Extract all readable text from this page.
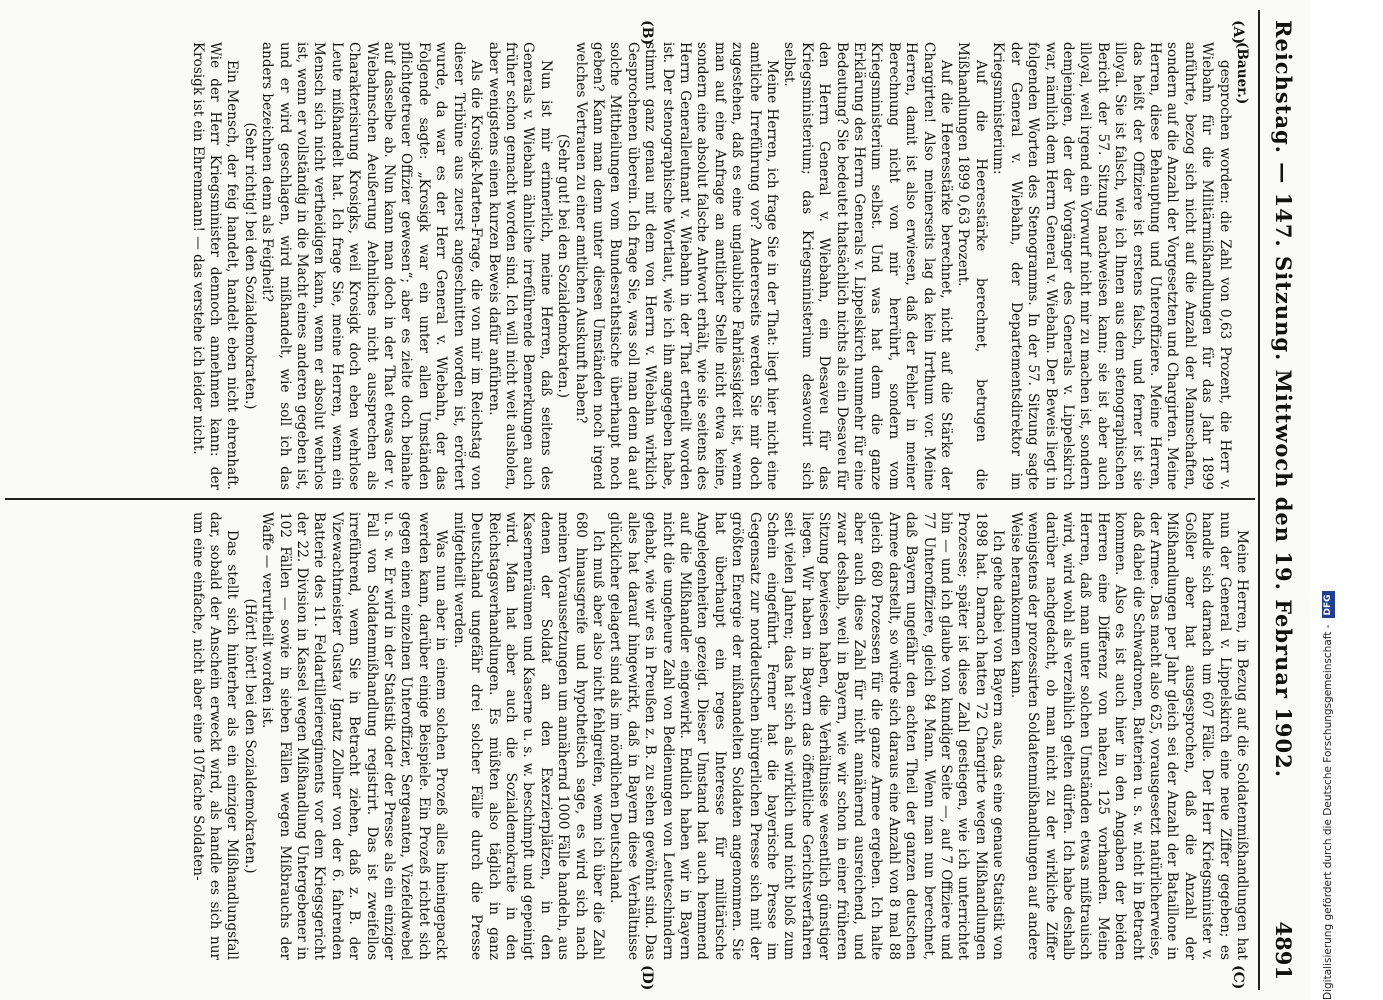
Reichstag. — 147. Sitzung. Mittwoch den 19. Februar 1902.
4891
(A)
(B)
(C)
(D)

(Bauer.)

gesprochen worden: die Zahl von 0,63 Prozent, die Herr v. Wiebahn für die Militärmißhandlungen für das Jahr 1899 anführte, bezog sich nicht auf die Anzahl der Mannschaften, sondern auf die Anzahl der Vorgesetzten und Chargirten. Meine Herren, diese Behauptung und Unteroffiziere. Meine Herren, das heißt der Offiziere ist erstens falsch, und ferner ist sie illoyal. Sie ist falsch, wie ich Ihnen aus dem stenographischen Bericht der 57. Sitzung nachweisen kann; sie ist aber auch illoyal, weil irgend ein Vorwurf nicht mir zu machen ist, sondern demjenigen, der der Vorgänger des Generals v. Lippelskirch war, nämlich dem Herrn General v. Wiebahn. Der Beweis liegt in folgenden Worten des Stenogramms. In der 57. Sitzung sagte der General v. Wiebahn, der Departementsdirektor im Kriegsministerium:

Auf die Heeresstärke berechnet, betrugen die Mißhandlungen 1899 0,63 Prozent.

Auf die Heeresstärke berechnet, nicht auf die Stärke der Chargirten! Also meinerseits lag da kein Irrthum vor. Meine Herren, damit ist also erwiesen, daß der Fehler in meiner Berechnung nicht von mir herrührt, sondern vom Kriegsministerium selbst. Und was hat denn die ganze Erklärung des Herrn Generals v. Lippelskirch nunmehr für eine Bedeutung? Sie bedeutet thatsächlich nichts als ein Desaveu für den Herrn General v. Wiebahn, ein Desaveu für das Kriegsministerium; das Kriegsministerium desavouirt sich selbst.

Meine Herren, ich frage Sie in der That: liegt hier nicht eine amtliche Irreführung vor? Andererseits werden Sie mir doch zugestehen, daß es eine unglaubliche Fahrlässigkeit ist, wenn man auf eine Anfrage an amtlicher Stelle nicht etwa keine, sondern eine absolut falsche Antwort erhält, wie sie seitens des Herrn Generalleutnant v. Wiebahn in der That ertheilt worden ist. Der stenographische Wortlaut, wie ich ihn angegeben habe, stimmt ganz genau mit dem von Herrn v. Wiebahn wirklich Gesprochenen überein. Ich frage Sie, was soll man denn da auf solche Mittheilungen vom Bundesrathstische überhaupt noch geben? Kann man denn unter diesen Umständen noch irgend welches Vertrauen zu einer amtlichen Auskunft haben?

(Sehr gut! bei den Sozialdemokraten.)

Nun ist mir erinnerlich, meine Herren, daß seitens des Generals v. Wiebahn ähnliche irreführende Bemerkungen auch früher schon gemacht worden sind. Ich will nicht weit ausholen, aber wenigstens einen kurzen Beweis dafür anführen.

Als die Krosigk-Marten-Frage, die von mir im Reichstag von dieser Tribüne aus zuerst angeschnitten worden ist, erörtert wurde, da war es der Herr General v. Wiebahn, der das Folgende sagte: „Krosigk war ein unter allen Umständen pflichtgetreuer Offizier gewesen“; aber es zielte doch beinahe auf dasselbe ab. Nun kann man doch in der That etwas der v. Wiebahnschen Aeußerung Aehnliches nicht aussprechen als Charakterisirung Krosigks, weil Krosigk doch eben wehrlose Leute mißhandelt hat. Ich frage Sie, meine Herren, wenn ein Mensch sich nicht vertheidigen kann, wenn er absolut wehrlos ist, wenn er vollständig in die Macht eines anderen gegeben ist, und er wird geschlagen, wird mißhandelt, wie soll ich das anders bezeichnen denn als Feigheit?

(Sehr richtig! bei den Sozialdemokraten.)

Ein Mensch, der feig handelt, handelt eben nicht ehrenhaft. Wie der Herr Kriegsminister dennoch annehmen kann: der Krosigk ist ein Ehrenmann! — das verstehe ich leider nicht.

Meine Herren, in Bezug auf die Soldatenmißhandlungen hat nun der General v. Lippelskirch eine neue Ziffer gegeben; es handle sich darnach um 607 Fälle. Der Herr Kriegsminister v. Goßler aber hat ausgesprochen, daß die Anzahl der Mißhandlungen per Jahr gleich sei der Anzahl der Bataillone in der Armee. Das macht also 625, vorausgesetzt natürlicherweise, daß dabei die Schwadronen, Batterien u. s. w. nicht in Betracht kommen. Also es ist auch hier in den Angaben der beiden Herren eine Differenz von nahezu 125 vorhanden. Meine Herren, daß man unter solchen Umständen etwas mißtrauisch wird, wird wohl als verzeihlich gelten dürfen. Ich habe deshalb darüber nachgedacht, ob man nicht zu der wirkliche Ziffer wenigstens der prozessirten Soldatenmißhandlungen auf andere Weise herankommen kann.

Ich gehe dabei von Bayern aus, das eine genaue Statistik von 1898 hat. Darnach hatten 72 Chargirte wegen Mißhandlungen Prozesse; später ist diese Zahl gestiegen, wie ich unterrichtet bin — und ich glaube von kundiger Seite —, auf 7 Offiziere und 77 Unteroffiziere, gleich 84 Mann. Wenn man nun berechnet, daß Bayern ungefähr den achten Theil der ganzen deutschen Armee darstellt, so würde sich daraus eine Anzahl von 8 mal 88 gleich 680 Prozessen für die ganze Armee ergeben. Ich halte aber auch diese Zahl für nicht annähernd ausreichend, und zwar deshalb, weil in Bayern, wie wir schon in einer früheren Sitzung bewiesen haben, die Verhältnisse wesentlich günstiger liegen. Wir haben in Bayern das öffentliche Gerichtsverfahren seit vielen Jahren; das hat sich als wirklich und nicht bloß zum Schein eingeführt. Ferner hat die bayerische Presse im Gegensatz zur norddeutschen bürgerlichen Presse sich mit der größten Energie der mißhandelten Soldaten angenommen. Sie hat überhaupt ein reges Interesse für militärische Angelegenheiten gezeigt. Dieser Umstand hat auch hemmend auf die Mißhandler eingewirkt. Endlich haben wir in Bayern nicht die ungeheure Zahl von Bedienungen von Leuteschindern gehabt, wie wir es in Preußen z. B. zu sehen gewöhnt sind. Das alles hat darauf hingewirkt, daß in Bayern diese Verhältnisse glücklicher gelagert sind als im nördlichen Deutschland.

Ich muß aber also nicht fehlgreifen, wenn ich über die Zahl 680 hinausgreife und hypothetisch sage, es wird sich nach meinen Voraussetzungen um annähernd 1000 Fälle handeln, aus denen der Soldat an den Exerzierplätzen, in den Kasernenräumen und Kaserne u. s. w. beschimpft und gepeinigt wird. Man hat aber auch die Sozialdemokratie in den Reichstagsverhandlungen. Es müßten also täglich in ganz Deutschland ungefähr drei solcher Fälle durch die Presse mitgetheilt werden.

Was nun aber in einem solchen Prozeß alles hineingepackt werden kann, darüber einige Beispiele. Ein Prozeß richtet sich gegen einen einzelnen Unteroffizier, Sergeanten, Vizefeldwebel u. s. w. Er wird in der Statistik oder der Presse als ein einziger Fall von Soldatenmißhandlung registrirt. Das ist zweifellos irreführend, wenn Sie in Betracht ziehen, daß z. B. der Vizewachtmeister Gustav Ignatz Zollner von der 6. fahrenden Batterie des 11. Feldartillerieregiments vor dem Kriegsgericht der 22. Division in Kassel wegen Mißhandlung Untergebener in 102 Fällen — sowie in sieben Fällen wegen Mißbrauchs der Waffe — verurtheilt worden ist.

(Hört! hört! bei den Sozialdemokraten.)

Das stellt sich hinterher als ein einziger Mißhandlungsfall dar, sobald der Anschein erweckt wird, als handle es sich nur um eine einfache, nicht aber eine 107fache Soldaten-	Digitalisierung gefördert durch die Deutsche Forschungsgemeinschaft -
DFG
